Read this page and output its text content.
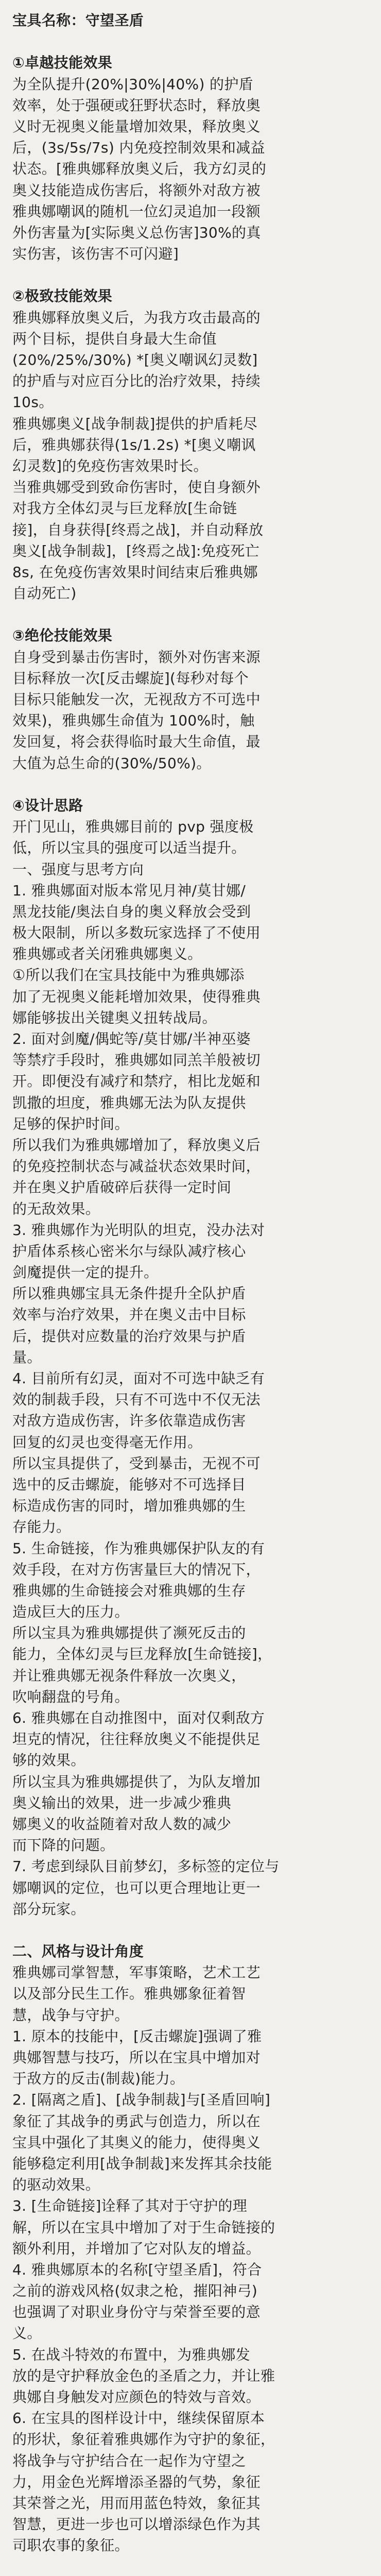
宝具名称：守望圣盾
①卓越技能效果
为全队提升(20%|30%|40%) 的护盾
效率，处于强硬或狂野状态时，释放奥
义时无视奥义能量增加效果，释放奥义
后，(3s/5s/7s) 内免疫控制效果和减益
状态。[雅典娜释放奥义后，我方幻灵的
奥义技能造成伤害后，将额外对敌方被
雅典娜嘲讽的随机一位幻灵追加一段额
外伤害量为[实际奥义总伤害]30%的真
实伤害，该伤害不可闪避]
②极致技能效果
雅典娜释放奥义后，为我方攻击最高的
两个目标，提供自身最大生命值
(20%/25%/30%) *[奥义嘲讽幻灵数]
的护盾与对应百分比的治疗效果，持续
10s。
雅典娜奥义[战争制裁]提供的护盾耗尽
后，雅典娜获得(1s/1.2s) *[奥义嘲讽
幻灵数]的免疫伤害效果时长。
当雅典娜受到致命伤害时，使自身额外
对我方全体幻灵与巨龙释放[生命链
接]，自身获得[终焉之战]，并自动释放
奥义[战争制裁]，[终焉之战]:免疫死亡
8s, 在免疫伤害效果时间结束后雅典娜
自动死亡)
③绝伦技能效果
自身受到暴击伤害时，额外对伤害来源
目标释放一次[反击螺旋](每秒对每个
目标只能触发一次，无视敌方不可选中
效果)，雅典娜生命值为 100%时，触
发回复，将会获得临时最大生命值，最
大值为总生命的(30%/50%)。
④设计思路
开门见山，雅典娜目前的 pvp 强度极
低，所以宝具的强度可以适当提升。
一、强度与思考方向
1. 雅典娜面对版本常见月神/莫甘娜/
黑龙技能/奥法自身的奥义释放会受到
极大限制，所以多数玩家选择了不使用
雅典娜或者关闭雅典娜奥义。
①所以我们在宝具技能中为雅典娜添
加了无视奥义能耗增加效果，使得雅典
娜能够拔出关键奥义扭转战局。
2. 面对剑魔/偶蛇等/莫甘娜/半神巫婆
等禁疗手段时，雅典娜如同羔羊般被切
开。即便没有减疗和禁疗，相比龙姬和
凯撒的坦度，雅典娜无法为队友提供
足够的保护时间。
所以我们为雅典娜增加了，释放奥义后
的免疫控制状态与减益状态效果时间，
并在奥义护盾破碎后获得一定时间
的无敌效果。
3. 雅典娜作为光明队的坦克，没办法对
护盾体系核心密米尔与绿队减疗核心
剑魔提供一定的提升。
所以雅典娜宝具无条件提升全队护盾
效率与治疗效果，并在奥义击中目标
后，提供对应数量的治疗效果与护盾
量。
4. 目前所有幻灵，面对不可选中缺乏有
效的制裁手段，只有不可选中不仅无法
对敌方造成伤害，许多依靠造成伤害
回复的幻灵也变得毫无作用。
所以宝具提供了，受到暴击，无视不可
选中的反击螺旋，能够对不可选择目
标造成伤害的同时，增加雅典娜的生
存能力。
5. 生命链接，作为雅典娜保护队友的有
效手段，在对方伤害量巨大的情况下，
雅典娜的生命链接会对雅典娜的生存
造成巨大的压力。
所以宝具为雅典娜提供了濒死反击的
能力，全体幻灵与巨龙释放[生命链接]，
并让雅典娜无视条件释放一次奥义，
吹响翻盘的号角。
6. 雅典娜在自动推图中，面对仅剩敌方
坦克的情况，往往释放奥义不能提供足
够的效果。
所以宝具为雅典娜提供了，为队友增加
奥义输出的效果，进一步减少雅典
娜奥义的收益随着对敌人数的减少
而下降的问题。
7. 考虑到绿队目前梦幻，多标签的定位与
娜嘲讽的定位，也可以更合理地让更一
部分玩家。
二、风格与设计角度
雅典娜司掌智慧，军事策略，艺术工艺
以及部分民生工作。雅典娜象征着智
慧，战争与守护。
1. 原本的技能中，[反击螺旋]强调了雅
典娜智慧与技巧，所以在宝具中增加对
于敌方的反击(制裁)能力。
2. [隔离之盾]、[战争制裁]与[圣盾回响]
象征了其战争的勇武与创造力，所以在
宝具中强化了其奥义的能力，使得奥义
能够稳定利用[战争制裁]来发挥其余技能
的驱动效果。
3. [生命链接]诠释了其对于守护的理
解，所以在宝具中增加了对于生命链接的
额外利用，并增加了它对队友的增益。
4. 雅典娜原本的名称[守望圣盾]，符合
之前的游戏风格(奴隶之枪，摧阳神弓)
也强调了对职业身份守与荣誉至要的意
义。
5. 在战斗特效的布置中，为雅典娜发
放的是守护释放金色的圣盾之力，并让雅
典娜自身触发对应颜色的特效与音效。
6. 在宝具的图样设计中，继续保留原本
的形状，象征着雅典娜作为守护的象征，
将战争与守护结合在一起作为守望之
力，用金色光辉增添圣器的气势，象征
其荣誉之光，用而用蓝色特效，象征其
智慧，更进一步也可以增添绿色作为其
司职农事的象征。
